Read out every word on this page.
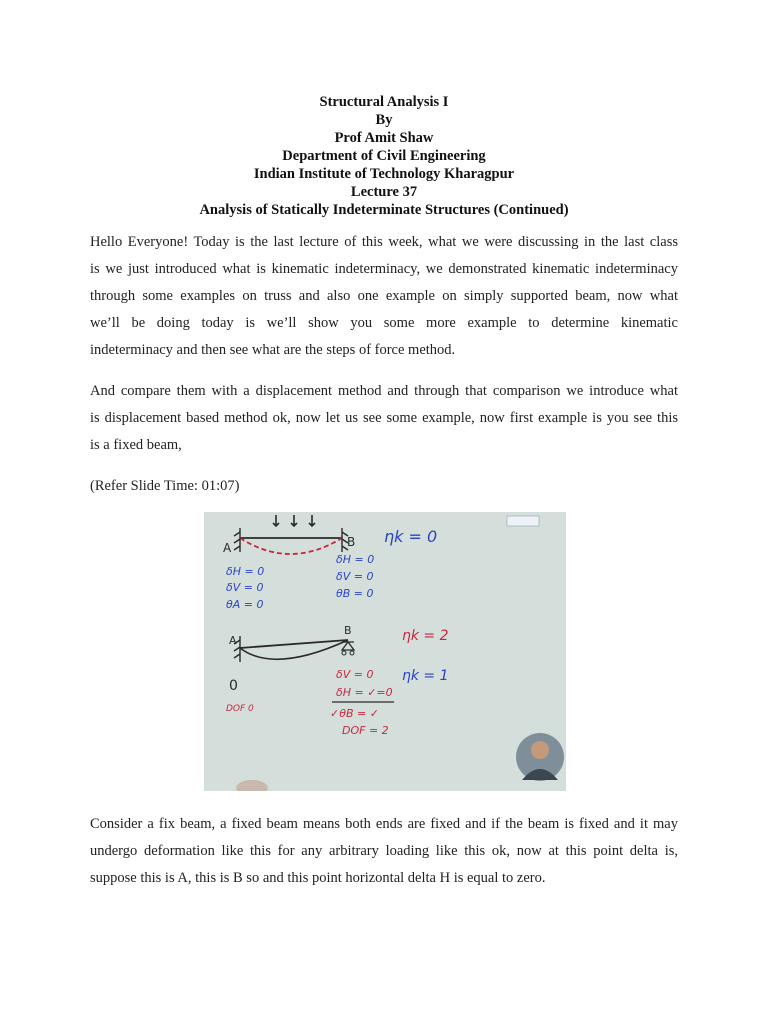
Structural Analysis I
By
Prof Amit Shaw
Department of Civil Engineering
Indian Institute of Technology Kharagpur
Lecture 37
Analysis of Statically Indeterminate Structures (Continued)
Hello Everyone! Today is the last lecture of this week, what we were discussing in the last class
is we just introduced what is kinematic indeterminacy, we demonstrated kinematic indeterminacy
through some examples on truss and also one example on simply supported beam, now what
we’ll be doing today is we’ll show you some more example to determine kinematic
indeterminacy and then see what are the steps of force method.
And compare them with a displacement method and through that comparison we introduce what
is displacement based method ok, now let us see some example, now first example is you see this
is a fixed beam,
(Refer Slide Time: 01:07)
Consider a fix beam, a fixed beam means both ends are fixed and if the beam is fixed and it may
undergo deformation like this for any arbitrary loading like this ok, now at this point delta is,
suppose this is A, this is B so and this point horizontal delta H is equal to zero.
A	B ηk = 0
δH = 0
δV = 0
θA = 0
δH = 0
δV = 0
θB = 0
A
B	ηk = 2
ηk = 1
0
DOF 0
δV = 0
δH = ✓=0
✓θB = ✓
DOF = 2
